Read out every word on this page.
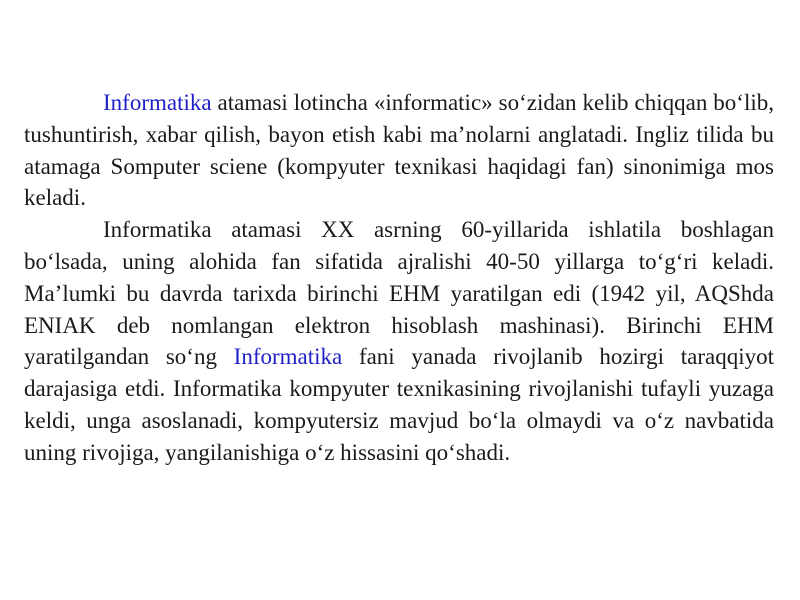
Informatika atamasi lotincha «informatic» so‘zidan kelib chiqqan bo‘lib, tushuntirish, xabar qilish, bayon etish kabi ma’nolarni anglatadi. Ingliz tilida bu atamaga Somputer sciene (kompyuter texnikasi haqidagi fan) sinonimiga mos keladi.

Informatika atamasi XX asrning 60-yillarida ishlatila boshlagan bo‘lsada, uning alohida fan sifatida ajralishi 40-50 yillarga to‘g‘ri keladi. Ma’lumki bu davrda tarixda birinchi EHM yaratilgan edi (1942 yil, AQShda ENIAK deb nomlangan elektron hisoblash mashinasi). Birinchi EHM yaratilgandan so‘ng Informatika fani yanada rivojlanib hozirgi taraqqiyot darajasiga etdi. Informatika kompyuter texnikasining rivojlanishi tufayli yuzaga keldi, unga asoslanadi, kompyutersiz mavjud bo‘la olmaydi va o‘z navbatida uning rivojiga, yangilanishiga o‘z hissasini qo‘shadi.
